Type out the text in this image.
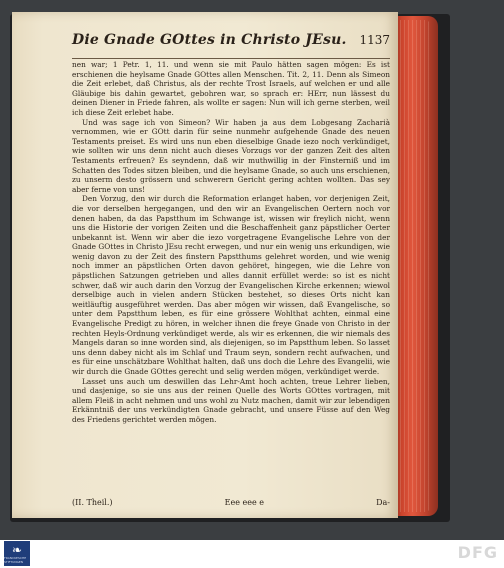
Die Gnade GOttes in Christo JEsu. 1137

nen war; 1 Petr. 1, 11. und wenn sie mit Paulo hätten sagen mögen: Es ist erschienen die heylsame Gnade GOttes allen Menschen. Tit. 2, 11. Denn als Simeon die Zeit erlebet, daß Christus, als der rechte Trost Israels, auf welchen er und alle Gläubige bis dahin gewartet, gebohren war, so sprach er: HErr, nun lässest du deinen Diener in Friede fahren, als wollte er sagen: Nun will ich gerne sterben, weil ich diese Zeit erlebet habe.

Und was sage ich von Simeon? Wir haben ja aus dem Lobgesang Zacharià vernommen, wie er GOtt darin für seine nunmehr aufgehende Gnade des neuen Testaments preiset. Es wird uns nun eben dieselbige Gnade iezo noch verkündiget, wie sollten wir uns denn nicht auch dieses Vorzugs vor der ganzen Zeit des alten Testaments erfreuen? Es seyndenn, daß wir muthwillig in der Finsterniß und im Schatten des Todes sitzen bleiben, und die heylsame Gnade, so auch uns erschienen, zu unserm desto grössern und schwerern Gericht gering achten wollten. Das sey aber ferne von uns!

Den Vorzug, den wir durch die Reformation erlanget haben, vor derjenigen Zeit, die vor derselben hergegangen, und den wir an Evangelischen Oertern noch vor denen haben, da das Papstthum im Schwange ist, wissen wir freylich nicht, wenn uns die Historie der vorigen Zeiten und die Beschaffenheit ganz päpstlicher Oerter unbekannt ist. Wenn wir aber die iezo vorgetragene Evangelische Lehre von der Gnade GOttes in Christo JEsu recht erwegen, und nur ein wenig uns erkundigen, wie wenig davon zu der Zeit des finstern Papstthums gelehret worden, und wie wenig noch immer an päpstlichen Orten davon gehöret, hingegen, wie die Lehre von päpstlichen Satzungen getrieben und alles dannit erfüllet werde: so ist es nicht schwer, daß wir auch darin den Vorzug der Evangelischen Kirche erkennen; wiewol derselbige auch in vielen andern Stücken bestehet, so dieses Orts nicht kan weitläuftig ausgeführet werden. Das aber mögen wir wissen, daß Evangelische, so unter dem Papstthum leben, es für eine grössere Wohlthat achten, einmal eine Evangelische Predigt zu hören, in welcher ihnen die freye Gnade von Christo in der rechten Heyls-Ordnung verkündiget werde, als wir es erkennen, die wir niemals des Mangels daran so inne worden sind, als diejenigen, so im Papstthum leben. So lasset uns denn dabey nicht als im Schlaf und Traum seyn, sondern recht aufwachen, und es für eine unschätzbare Wohlthat halten, daß uns doch die Lehre des Evangelii, wie wir durch die Gnade GOttes gerecht und selig werden mögen, verkündiget werde.

Lasset uns auch um deswillen das Lehr-Amt hoch achten, treue Lehrer lieben, und dasjenige, so sie uns aus der reinen Quelle des Worts GOttes vortragen, mit allem Fleiß in acht nehmen und uns wohl zu Nutz machen, damit wir zur lebendigen Erkänntniß der uns verkündigten Gnade gebracht, und unsere Füsse auf den Weg des Friedens gerichtet werden mögen.

(II. Theil.)	Eee eee e	Da-
❧
FRANCKESCHE STIFTUNGEN	DFG
